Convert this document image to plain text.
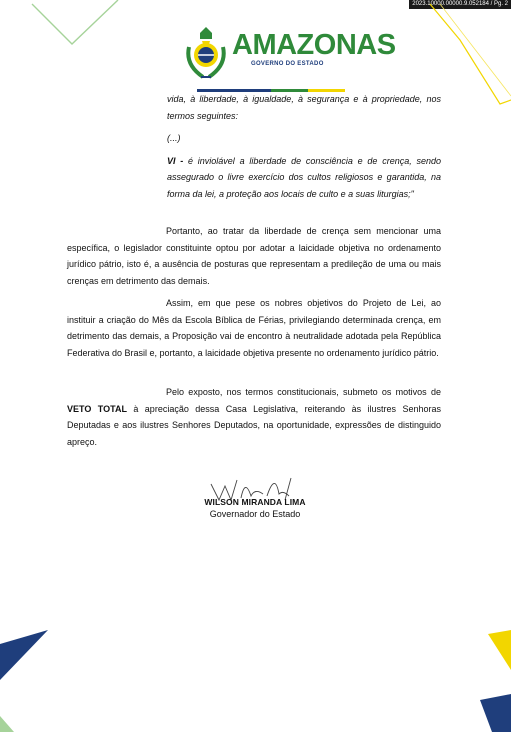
2023.10000.00000.9.052184 / Pg. 2
AMAZONAS
GOVERNO DO ESTADO

vida, à liberdade, à igualdade, à segurança e à propriedade, nos termos seguintes:

(...)

VI - é inviolável a liberdade de consciência e de crença, sendo assegurado o livre exercício dos cultos religiosos e garantida, na forma da lei, a proteção aos locais de culto e a suas liturgias;"

Portanto, ao tratar da liberdade de crença sem mencionar uma específica, o legislador constituinte optou por adotar a laicidade objetiva no ordenamento jurídico pátrio, isto é, a ausência de posturas que representam a predileção de uma ou mais crenças em detrimento das demais.

Assim, em que pese os nobres objetivos do Projeto de Lei, ao instituir a criação do Mês da Escola Bíblica de Férias, privilegiando determinada crença, em detrimento das demais, a Proposição vai de encontro à neutralidade adotada pela República Federativa do Brasil e, portanto, a laicidade objetiva presente no ordenamento jurídico pátrio.

Pelo exposto, nos termos constitucionais, submeto os motivos de VETO TOTAL à apreciação dessa Casa Legislativa, reiterando às ilustres Senhoras Deputadas e aos ilustres Senhores Deputados, na oportunidade, expressões de distinguido apreço.

WILSON MIRANDA LIMA
Governador do Estado
